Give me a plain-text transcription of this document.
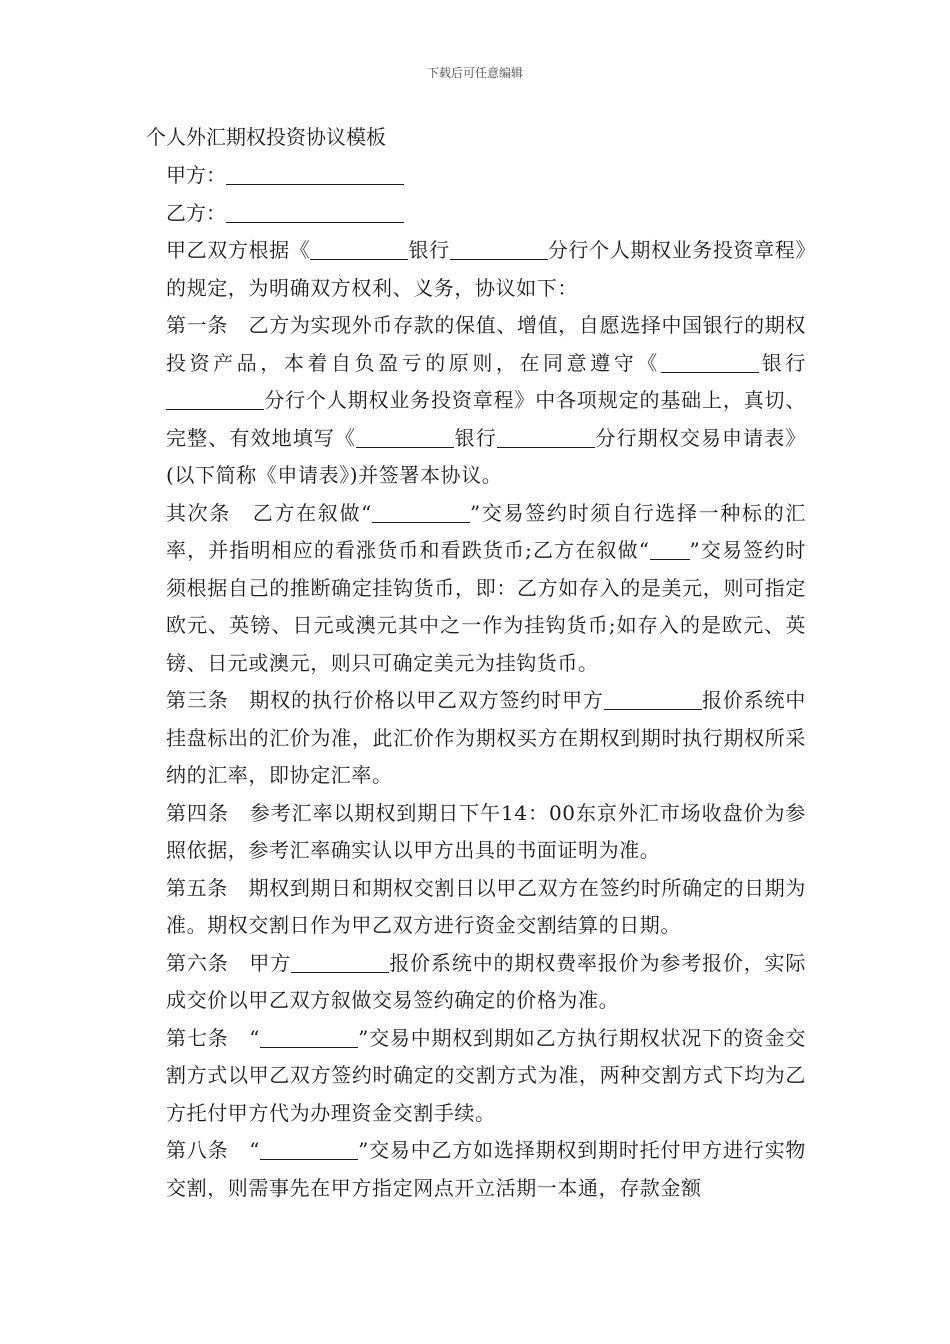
下载后可任意编辑

个人外汇期权投资协议模板

甲方：

乙方：

甲乙双方根据《	银行	分行个人期权业务投资章程》的规定，为明确双方权利、义务，协议如下：

第一条　乙方为实现外币存款的保值、增值，自愿选择中国银行的期权投资产品，本着自负盈亏的原则，在同意遵守《	银行分行个人期权业务投资章程》中各项规定的基础上，真切、完整、有效地填写《	银行	分行期权交易申请表》(以下简称《申请表》)并签署本协议。

其次条　乙方在叙做“	”交易签约时须自行选择一种标的汇率，并指明相应的看涨货币和看跌货币;乙方在叙做“ ”交易签约时须根据自己的推断确定挂钩货币，即：乙方如存入的是美元，则可指定欧元、英镑、日元或澳元其中之一作为挂钩货币;如存入的是欧元、英镑、日元或澳元，则只可确定美元为挂钩货币。

第三条　期权的执行价格以甲乙双方签约时甲方	报价系统中挂盘标出的汇价为准，此汇价作为期权买方在期权到期时执行期权所采纳的汇率，即协定汇率。

第四条　参考汇率以期权到期日下午14：00东京外汇市场收盘价为参照依据，参考汇率确实认以甲方出具的书面证明为准。

第五条　期权到期日和期权交割日以甲乙双方在签约时所确定的日期为准。期权交割日作为甲乙双方进行资金交割结算的日期。

第六条　甲方	报价系统中的期权费率报价为参考报价，实际成交价以甲乙双方叙做交易签约确定的价格为准。

第七条　“	”交易中期权到期如乙方执行期权状况下的资金交割方式以甲乙双方签约时确定的交割方式为准，两种交割方式下均为乙方托付甲方代为办理资金交割手续。

第八条　“	”交易中乙方如选择期权到期时托付甲方进行实物交割，则需事先在甲方指定网点开立活期一本通，存款金额
